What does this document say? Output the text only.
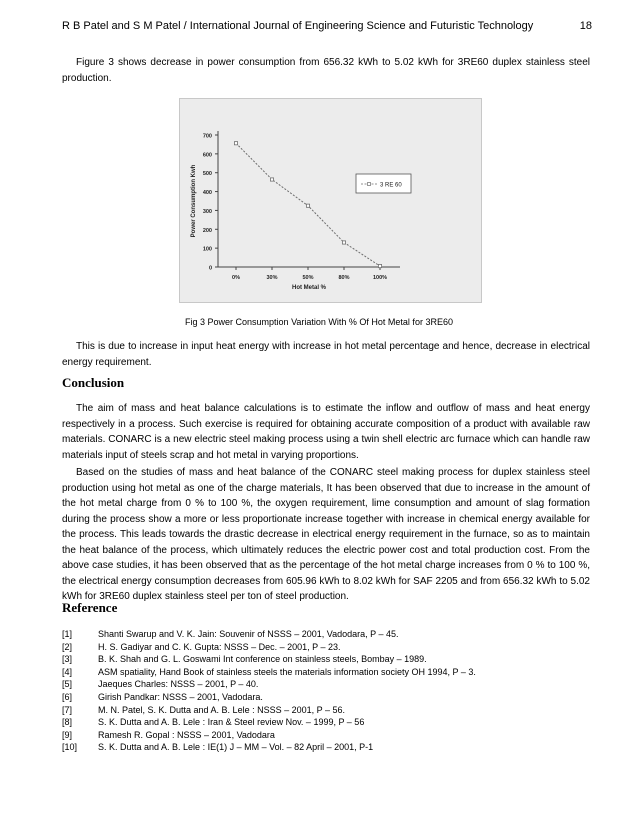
R B Patel and S M Patel / International Journal of Engineering Science and Futuristic Technology	18

Figure 3 shows decrease in power consumption from 656.32 kWh to 5.02 kWh for 3RE60 duplex stainless steel production.

0
100
200
300
400
500
600
700
0%	30%	50%	80%	100%
Hot Metal %
Power Consumption Kwh	3 RE 60
Fig 3 Power Consumption Variation With % Of Hot Metal for 3RE60

This is due to increase in input heat energy with increase in hot metal percentage and hence, decrease in electrical energy requirement.

Conclusion

The aim of mass and heat balance calculations is to estimate the inflow and outflow of mass and heat energy respectively in a process. Such exercise is required for obtaining accurate composition of a product with available raw materials. CONARC is a new electric steel making process using a twin shell electric arc furnace which can handle raw materials input of steels scrap and hot metal in varying proportions.

Based on the studies of mass and heat balance of the CONARC steel making process for duplex stainless steel production using hot metal as one of the charge materials, It has been observed that due to increase in the amount of the hot metal charge from 0 % to 100 %, the oxygen requirement, lime consumption and amount of slag formation during the process show a more or less proportionate increase together with increase in chemical energy available for the process. This leads towards the drastic decrease in electrical energy requirement in the furnace, so as to maintain the heat balance of the process, which ultimately reduces the electric power cost and total production cost. From the above case studies, it has been observed that as the percentage of the hot metal charge increases from 0 % to 100 %, the electrical energy consumption decreases from 605.96 kWh to 8.02 kWh for SAF 2205 and from 656.32 kWh to 5.02 kWh for 3RE60 duplex stainless steel per ton of steel production.

Reference
[1]	Shanti Swarup and V. K. Jain: Souvenir of NSSS – 2001, Vadodara, P – 45.
[2]	H. S. Gadiyar and C. K. Gupta: NSSS – Dec. – 2001, P – 23.
[3]	B. K. Shah and G. L. Goswami Int conference on stainless steels, Bombay – 1989.
[4]	ASM spatiality, Hand Book of stainless steels the materials information society OH 1994, P – 3.
[5]	Jaeques Charles: NSSS – 2001, P – 40.
[6]	Girish Pandkar: NSSS – 2001, Vadodara.
[7]	M. N. Patel, S. K. Dutta and A. B. Lele : NSSS – 2001, P – 56.
[8]	S. K. Dutta and A. B. Lele : Iran & Steel review Nov. – 1999, P – 56
[9]	Ramesh R. Gopal : NSSS – 2001, Vadodara
[10] S. K. Dutta and A. B. Lele : IE(1) J – MM – Vol. – 82 April – 2001, P-1
